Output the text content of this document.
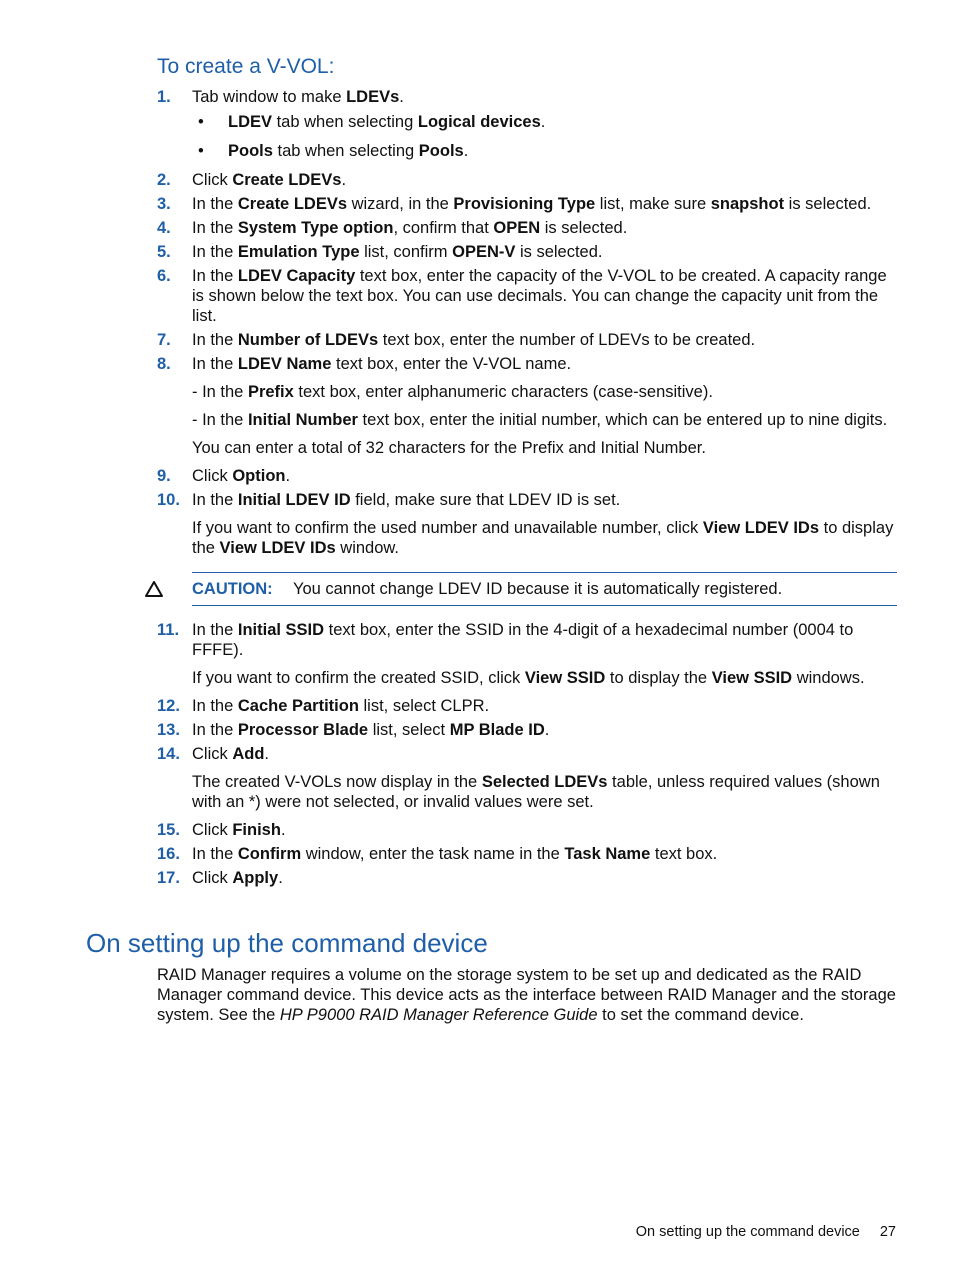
To create a V-VOL:
1.	Tab window to make LDEVs.
•	LDEV tab when selecting Logical devices.
•	Pools tab when selecting Pools.
2.	Click Create LDEVs.
3.	In the Create LDEVs wizard, in the Provisioning Type list, make sure snapshot is selected.
4.	In the System Type option, confirm that OPEN is selected.
5.	In the Emulation Type list, confirm OPEN-V is selected.
6.	In the LDEV Capacity text box, enter the capacity of the V-VOL to be created. A capacity range is shown below the text box. You can use decimals. You can change the capacity unit from the list.
7.	In the Number of LDEVs text box, enter the number of LDEVs to be created.
8.	In the LDEV Name text box, enter the V-VOL name.

- In the Prefix text box, enter alphanumeric characters (case-sensitive).

- In the Initial Number text box, enter the initial number, which can be entered up to nine digits.

You can enter a total of 32 characters for the Prefix and Initial Number.

9.	Click Option.
10. In the Initial LDEV ID field, make sure that LDEV ID is set.

If you want to confirm the used number and unavailable number, click View LDEV IDs to display the View LDEV IDs window.

CAUTION:	You cannot change LDEV ID because it is automatically registered.
11. In the Initial SSID text box, enter the SSID in the 4-digit of a hexadecimal number (0004 to FFFE).

If you want to confirm the created SSID, click View SSID to display the View SSID windows.

12. In the Cache Partition list, select CLPR.
13. In the Processor Blade list, select MP Blade ID.
14. Click Add.

The created V-VOLs now display in the Selected LDEVs table, unless required values (shown with an *) were not selected, or invalid values were set.

15. Click Finish.
16. In the Confirm window, enter the task name in the Task Name text box.
17. Click Apply.
On setting up the command device

RAID Manager requires a volume on the storage system to be set up and dedicated as the RAID Manager command device. This device acts as the interface between RAID Manager and the storage system. See the HP P9000 RAID Manager Reference Guide to set the command device.

On setting up the command device 27
